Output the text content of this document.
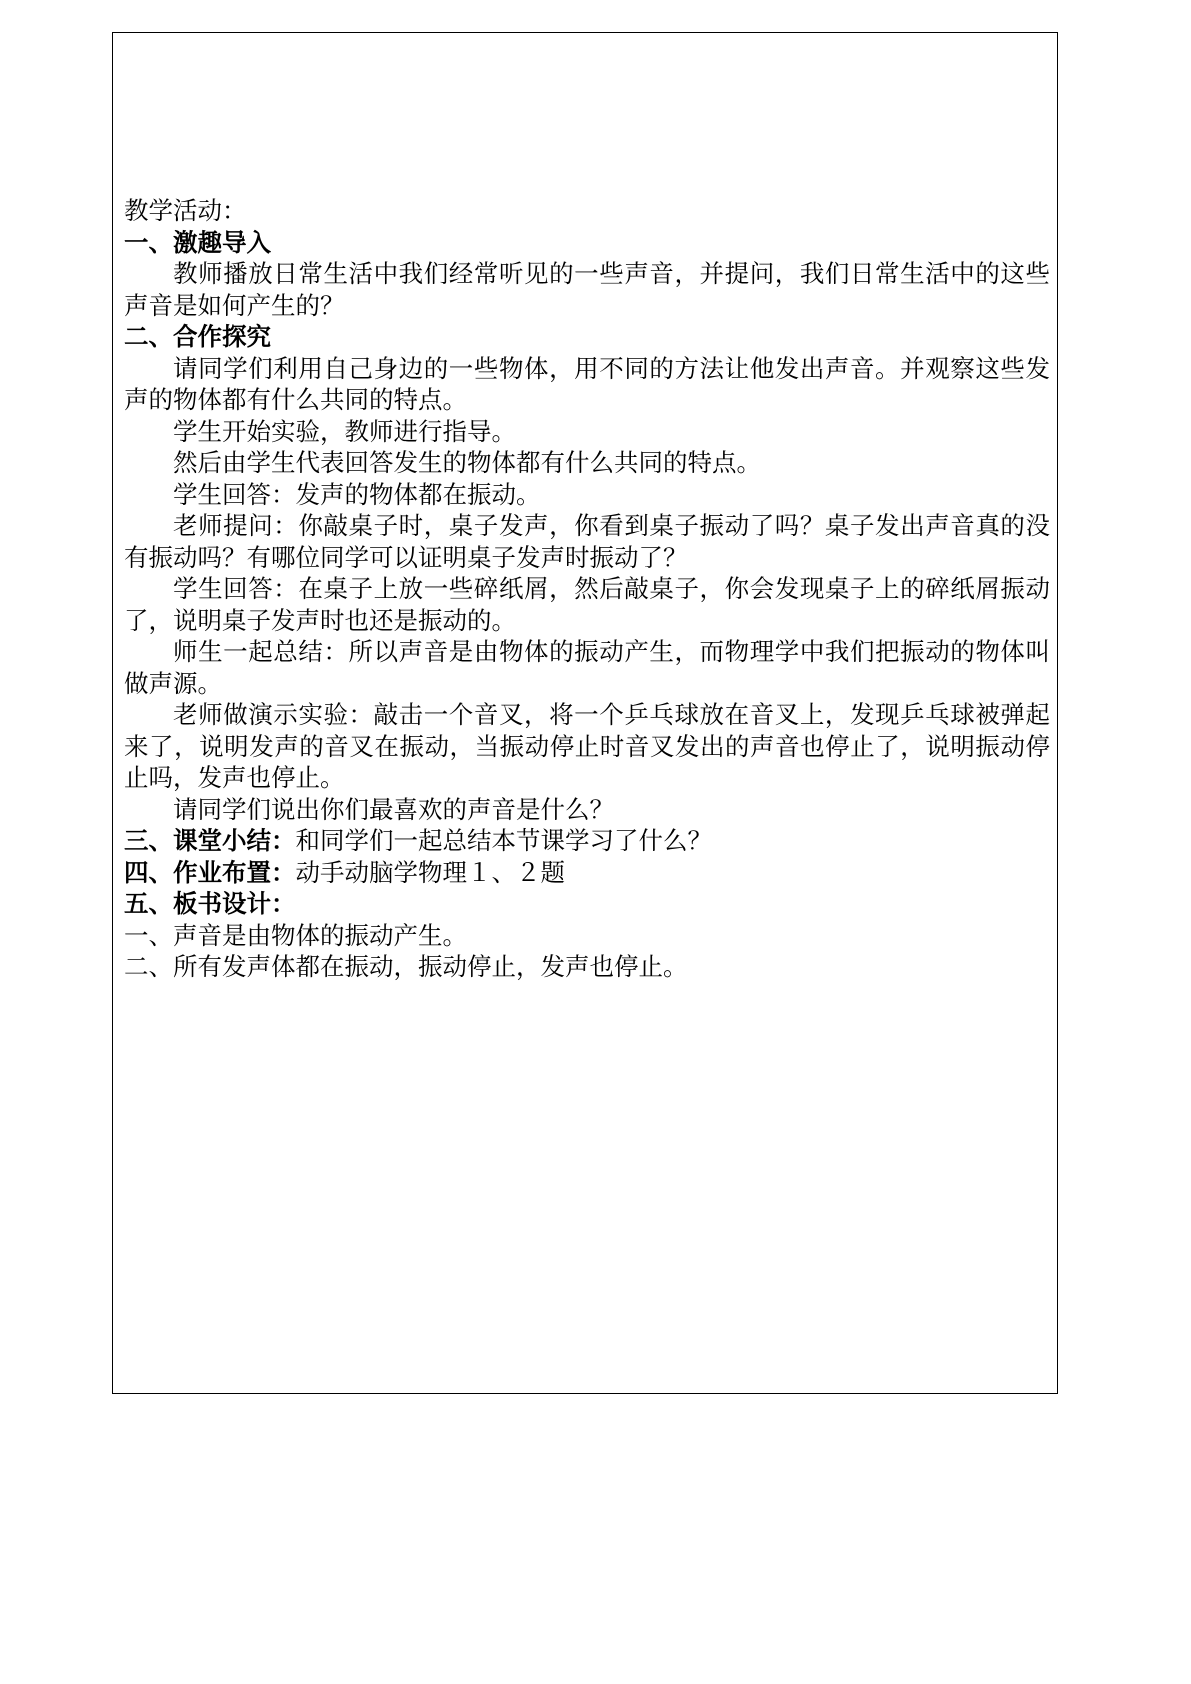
教学活动：
一、激趣导入
教师播放日常生活中我们经常听见的一些声音，并提问，我们日常生活中的这些声音是如何产生的？
二、合作探究
请同学们利用自己身边的一些物体，用不同的方法让他发出声音。并观察这些发声的物体都有什么共同的特点。
学生开始实验，教师进行指导。
然后由学生代表回答发生的物体都有什么共同的特点。
学生回答：发声的物体都在振动。
老师提问：你敲桌子时，桌子发声，你看到桌子振动了吗？桌子发出声音真的没有振动吗？有哪位同学可以证明桌子发声时振动了？
学生回答：在桌子上放一些碎纸屑，然后敲桌子，你会发现桌子上的碎纸屑振动了，说明桌子发声时也还是振动的。
师生一起总结：所以声音是由物体的振动产生，而物理学中我们把振动的物体叫做声源。
老师做演示实验：敲击一个音叉，将一个乒乓球放在音叉上，发现乒乓球被弹起来了，说明发声的音叉在振动，当振动停止时音叉发出的声音也停止了，说明振动停止吗，发声也停止。
请同学们说出你们最喜欢的声音是什么？
三、课堂小结：和同学们一起总结本节课学习了什么？
四、作业布置：动手动脑学物理１、２题
五、板书设计：
一、声音是由物体的振动产生。
二、所有发声体都在振动，振动停止，发声也停止。
